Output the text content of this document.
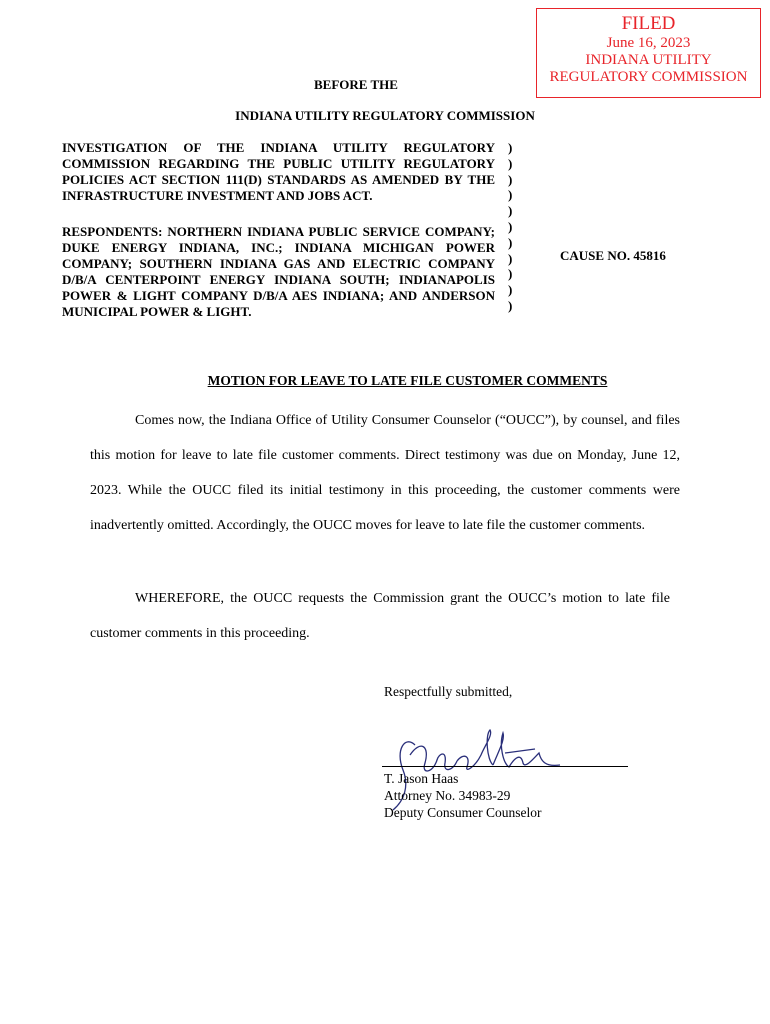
FILED
June 16, 2023
INDIANA UTILITY
REGULATORY COMMISSION
BEFORE THE
INDIANA UTILITY REGULATORY COMMISSION
INVESTIGATION OF THE INDIANA UTILITY REGULATORY COMMISSION REGARDING THE PUBLIC UTILITY REGULATORY POLICIES ACT SECTION 111(D) STANDARDS AS AMENDED BY THE INFRASTRUCTURE INVESTMENT AND JOBS ACT.
RESPONDENTS: NORTHERN INDIANA PUBLIC SERVICE COMPANY; DUKE ENERGY INDIANA, INC.; INDIANA MICHIGAN POWER COMPANY; SOUTHERN INDIANA GAS AND ELECTRIC COMPANY D/B/A CENTERPOINT ENERGY INDIANA SOUTH; INDIANAPOLIS POWER & LIGHT COMPANY D/B/A AES INDIANA; AND ANDERSON MUNICIPAL POWER & LIGHT.
)
)
)
)
)
)
)
)
)
)
)
CAUSE NO. 45816
MOTION FOR LEAVE TO LATE FILE CUSTOMER COMMENTS
Comes now, the Indiana Office of Utility Consumer Counselor (“OUCC”), by counsel, and files this motion for leave to late file customer comments. Direct testimony was due on Monday, June 12, 2023. While the OUCC filed its initial testimony in this proceeding, the customer comments were inadvertently omitted. Accordingly, the OUCC moves for leave to late file the customer comments.
WHEREFORE, the OUCC requests the Commission grant the OUCC’s motion to late file customer comments in this proceeding.
Respectfully submitted,
T. Jason Haas
Attorney No. 34983-29
Deputy Consumer Counselor
